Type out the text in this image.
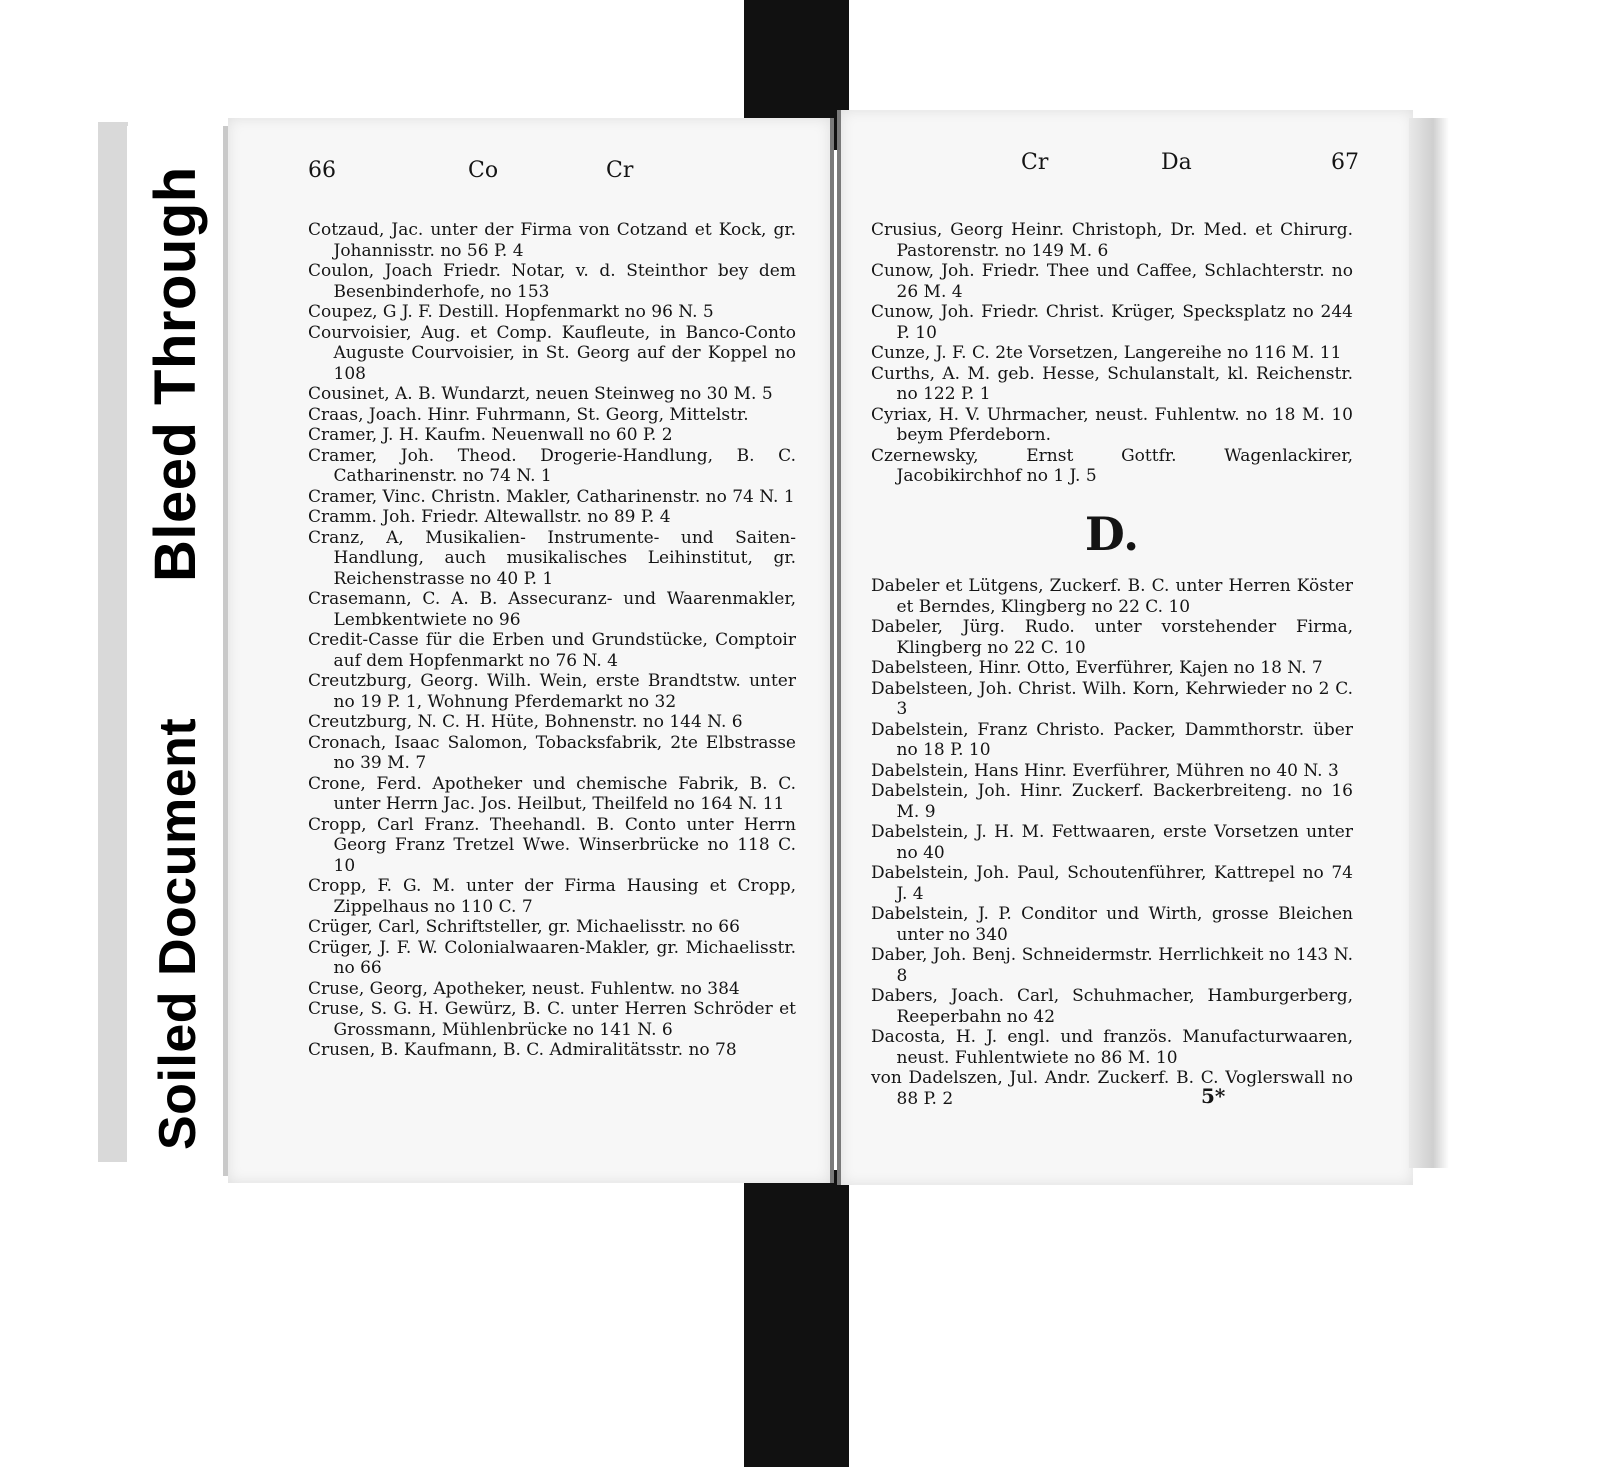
Bleed Through
Soiled Document
66	Co	Cr

Cotzaud, Jac. unter der Firma von Cotzand et Kock, gr. Johannisstr. no 56 P. 4

Coulon, Joach Friedr. Notar, v. d. Steinthor bey dem Besenbinderhofe, no 153

Coupez, G J. F. Destill. Hopfenmarkt no 96 N. 5

Courvoisier, Aug. et Comp. Kaufleute, in Banco-Conto Auguste Courvoisier, in St. Georg auf der Koppel no 108

Cousinet, A. B. Wundarzt, neuen Steinweg no 30 M. 5

Craas, Joach. Hinr. Fuhrmann, St. Georg, Mittelstr.

Cramer, J. H. Kaufm. Neuenwall no 60 P. 2

Cramer, Joh. Theod. Drogerie-Handlung, B. C. Catharinenstr. no 74 N. 1

Cramer, Vinc. Christn. Makler, Catharinenstr. no 74 N. 1

Cramm. Joh. Friedr. Altewallstr. no 89 P. 4

Cranz, A, Musikalien- Instrumente- und Saiten-Handlung, auch musikalisches Leihinstitut, gr. Reichenstrasse no 40 P. 1

Crasemann, C. A. B. Assecuranz- und Waarenmakler, Lembkentwiete no 96

Credit-Casse für die Erben und Grundstücke, Comptoir auf dem Hopfenmarkt no 76 N. 4

Creutzburg, Georg. Wilh. Wein, erste Brandtstw. unter no 19 P. 1, Wohnung Pferdemarkt no 32

Creutzburg, N. C. H. Hüte, Bohnenstr. no 144 N. 6

Cronach, Isaac Salomon, Tobacksfabrik, 2te Elbstrasse no 39 M. 7

Crone, Ferd. Apotheker und chemische Fabrik, B. C. unter Herrn Jac. Jos. Heilbut, Theilfeld no 164 N. 11

Cropp, Carl Franz. Theehandl. B. Conto unter Herrn Georg Franz Tretzel Wwe. Winserbrücke no 118 C. 10

Cropp, F. G. M. unter der Firma Hausing et Cropp, Zippelhaus no 110 C. 7

Crüger, Carl, Schriftsteller, gr. Michaelisstr. no 66

Crüger, J. F. W. Colonialwaaren-Makler, gr. Michaelisstr. no 66

Cruse, Georg, Apotheker, neust. Fuhlentw. no 384

Cruse, S. G. H. Gewürz, B. C. unter Herren Schröder et Grossmann, Mühlenbrücke no 141 N. 6

Crusen, B. Kaufmann, B. C. Admiralitätsstr. no 78

Cr	Da	67

Crusius, Georg Heinr. Christoph, Dr. Med. et Chirurg. Pastorenstr. no 149 M. 6

Cunow, Joh. Friedr. Thee und Caffee, Schlachterstr. no 26 M. 4

Cunow, Joh. Friedr. Christ. Krüger, Specksplatz no 244 P. 10

Cunze, J. F. C. 2te Vorsetzen, Langereihe no 116 M. 11

Curths, A. M. geb. Hesse, Schulanstalt, kl. Reichenstr. no 122 P. 1

Cyriax, H. V. Uhrmacher, neust. Fuhlentw. no 18 M. 10 beym Pferdeborn.

Czernewsky, Ernst Gottfr. Wagenlackirer, Jacobikirchhof no 1 J. 5

D.

Dabeler et Lütgens, Zuckerf. B. C. unter Herren Köster et Berndes, Klingberg no 22 C. 10

Dabeler, Jürg. Rudo. unter vorstehender Firma, Klingberg no 22 C. 10

Dabelsteen, Hinr. Otto, Everführer, Kajen no 18 N. 7

Dabelsteen, Joh. Christ. Wilh. Korn, Kehrwieder no 2 C. 3

Dabelstein, Franz Christo. Packer, Dammthorstr. über no 18 P. 10

Dabelstein, Hans Hinr. Everführer, Mühren no 40 N. 3

Dabelstein, Joh. Hinr. Zuckerf. Backerbreiteng. no 16 M. 9

Dabelstein, J. H. M. Fettwaaren, erste Vorsetzen unter no 40

Dabelstein, Joh. Paul, Schoutenführer, Kattrepel no 74 J. 4

Dabelstein, J. P. Conditor und Wirth, grosse Bleichen unter no 340

Daber, Joh. Benj. Schneidermstr. Herrlichkeit no 143 N. 8

Dabers, Joach. Carl, Schuhmacher, Hamburgerberg, Reeperbahn no 42

Dacosta, H. J. engl. und französ. Manufacturwaaren, neust. Fuhlentwiete no 86 M. 10

von Dadelszen, Jul. Andr. Zuckerf. B. C. Voglerswall no 88 P. 2	5*
